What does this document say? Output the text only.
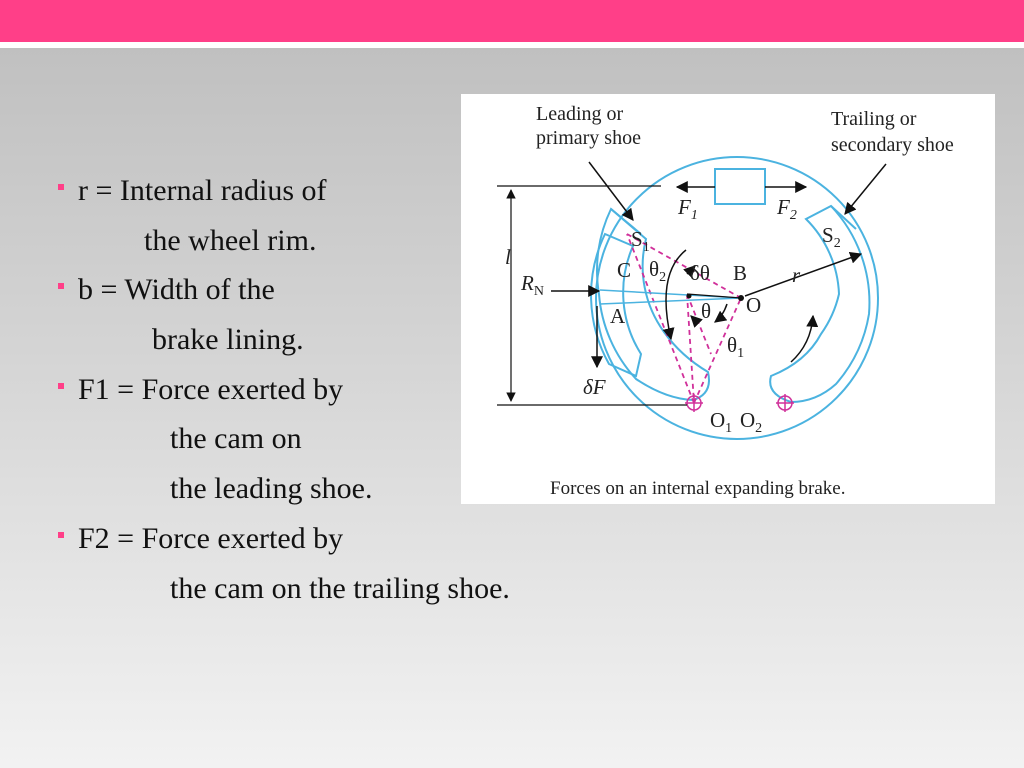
r = Internal radius of
the wheel rim.
b = Width of the
brake lining.
F1 = Force exerted by
the cam on
the leading shoe.
F2 = Force exerted by
the cam on the trailing shoe.
Leading or
primary shoe
Trailing or
secondary shoe
$F_1$	$F_2$
$S_1$
$S_2$
l
$R_N$
C
A
B
O
r
$\theta_2$ δθ
θ
$\theta_1$
δF
$O_1$ $O_2$
Forces on an internal expanding brake.
